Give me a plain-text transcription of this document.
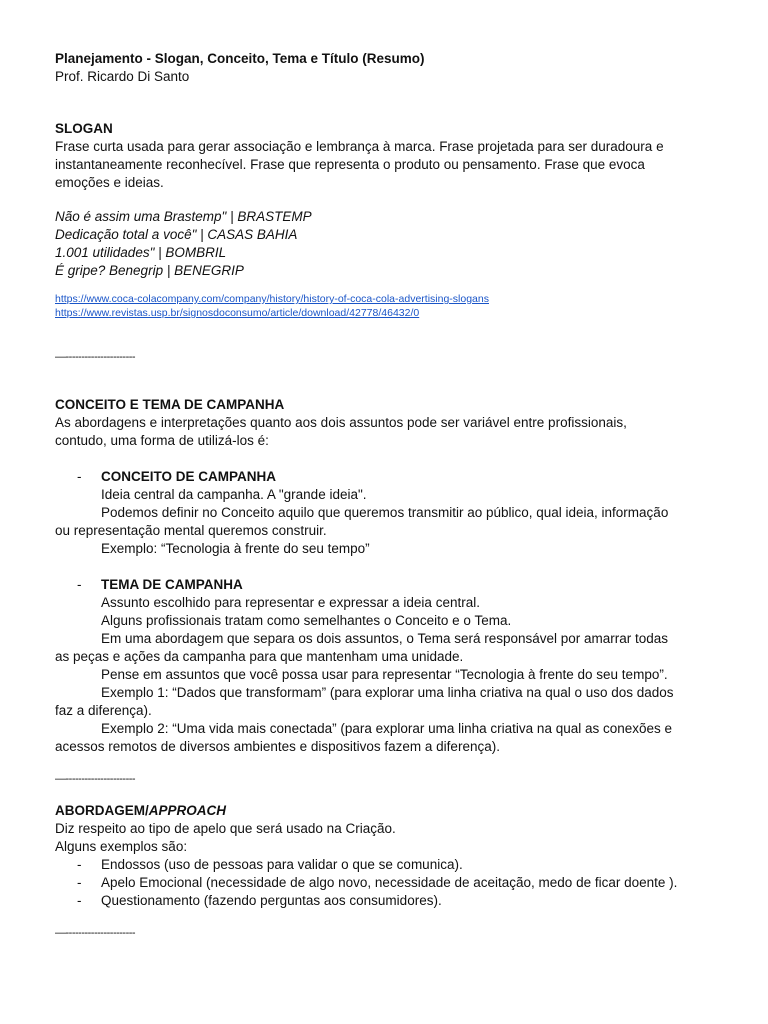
Planejamento - Slogan, Conceito, Tema e Título (Resumo)
Prof. Ricardo Di Santo
SLOGAN
Frase curta usada para gerar associação e lembrança à marca. Frase projetada para ser duradoura e
instantaneamente reconhecível. Frase que representa o produto ou pensamento. Frase que evoca
emoções e ideias.
Não é assim uma Brastemp" | BRASTEMP
Dedicação total a você" | CASAS BAHIA
1.001 utilidades" | BOMBRIL
É gripe? Benegrip | BENEGRIP
https://www.coca-colacompany.com/company/history/history-of-coca-cola-advertising-slogans
https://www.revistas.usp.br/signosdoconsumo/article/download/42778/46432/0
—----------------------
CONCEITO E TEMA DE CAMPANHA
As abordagens e interpretações quanto aos dois assuntos pode ser variável entre profissionais,
contudo, uma forma de utilizá-los é:
- CONCEITO DE CAMPANHA
Ideia central da campanha. A "grande ideia".
Podemos definir no Conceito aquilo que queremos transmitir ao público, qual ideia, informação
ou representação mental queremos construir.
Exemplo: “Tecnologia à frente do seu tempo”
- TEMA DE CAMPANHA
Assunto escolhido para representar e expressar a ideia central.
Alguns profissionais tratam como semelhantes o Conceito e o Tema.
Em uma abordagem que separa os dois assuntos, o Tema será responsável por amarrar todas
as peças e ações da campanha para que mantenham uma unidade.
Pense em assuntos que você possa usar para representar “Tecnologia à frente do seu tempo”.
Exemplo 1: “Dados que transformam” (para explorar uma linha criativa na qual o uso dos dados
faz a diferença).
Exemplo 2: “Uma vida mais conectada” (para explorar uma linha criativa na qual as conexões e
acessos remotos de diversos ambientes e dispositivos fazem a diferença).
—----------------------
ABORDAGEM/APPROACH
Diz respeito ao tipo de apelo que será usado na Criação.
Alguns exemplos são:
- Endossos (uso de pessoas para validar o que se comunica).
- Apelo Emocional (necessidade de algo novo, necessidade de aceitação, medo de ficar doente ).
- Questionamento (fazendo perguntas aos consumidores).
—----------------------
